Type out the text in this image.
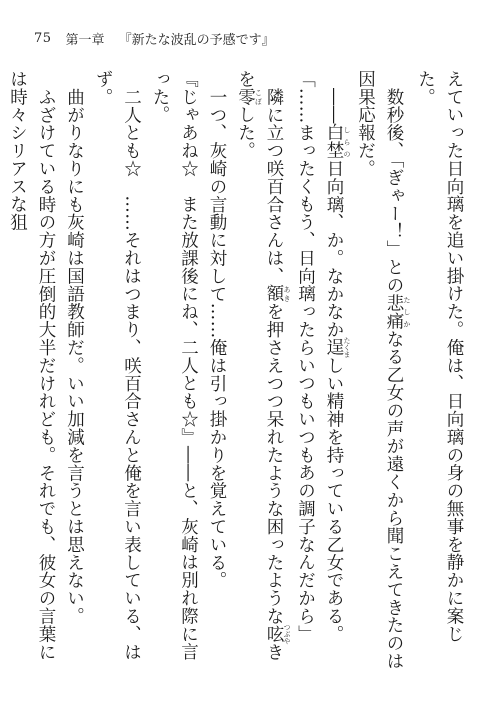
75 第一章 『新たな波乱の予感です』

えていった日向璃を追い掛けた。俺は、日向璃の身の無事を静かに案じた。

数秒後、「ぎゃー！」との悲痛 たしかなる乙女の声が遠くから聞こえてきたのは因果応報だ。

――白埜 しらの日向璃、か。なかなか逞 たくましい精神を持っている乙女である。

「……まったくもう、日向璃ったらいつもいつもあの調子なんだから」

隣に立つ咲百合さんは、額 あきを押さえつつ呆れたような困ったような呟 つぶやきを零 こぼした。

一つ、灰崎の言動に対して……俺は引っ掛かりを覚えている。

『じゃあね☆　また放課後にね、二人とも☆』――と、灰崎は別れ際に言った。

二人とも☆　……それはつまり、咲百合さんと俺を言い表している、はず。

曲がりなりにも灰崎は国語教師だ。いい加減を言うとは思えない。

ふざけている時の方が圧倒的大半だけれども。それでも、彼女の言葉には時々シリアスな狙
